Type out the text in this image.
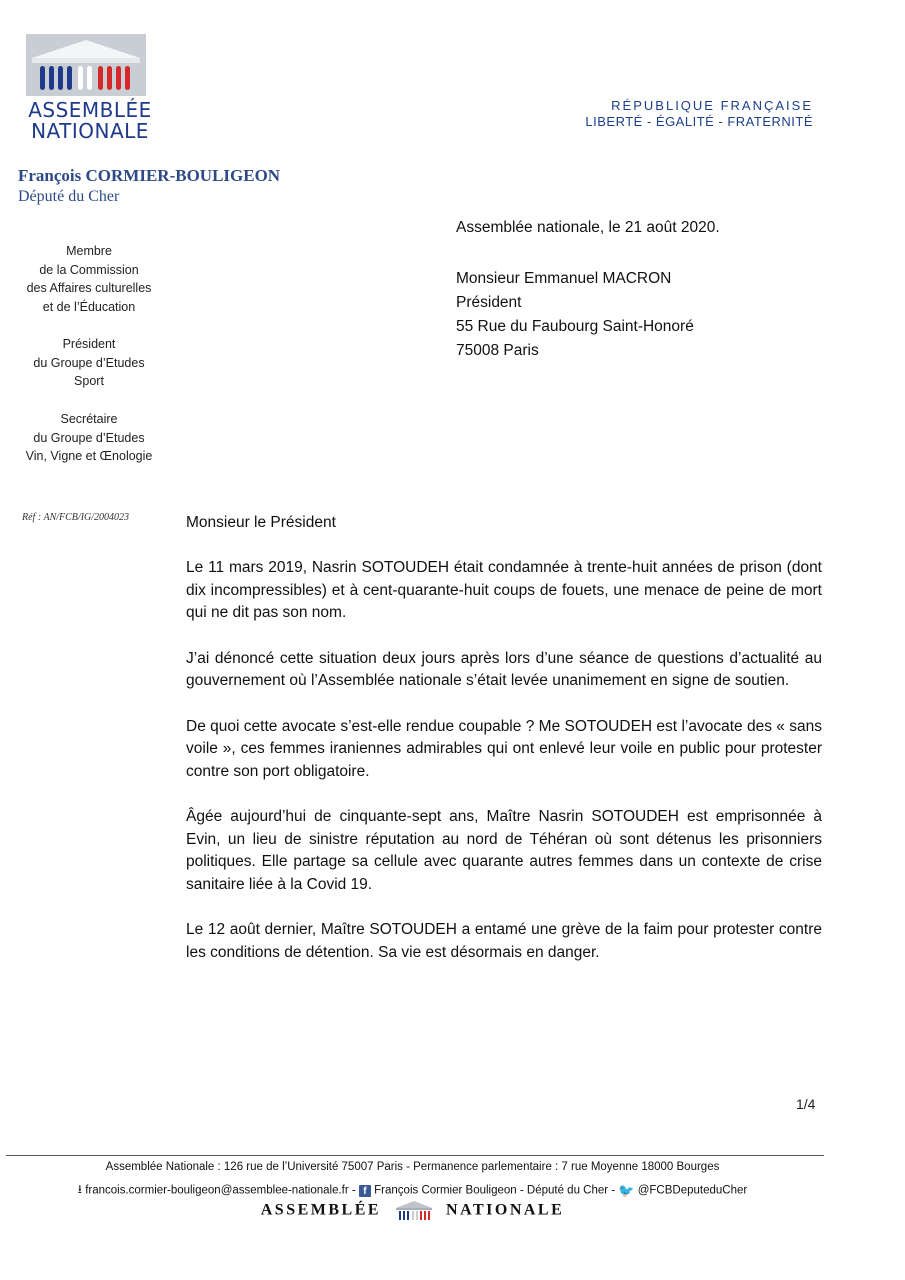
ASSEMBLÉE
NATIONALE
RÉPUBLIQUE FRANÇAISE
LIBERTÉ - ÉGALITÉ - FRATERNITÉ
François CORMIER-BOULIGEON
Député du Cher
Membre
de la Commission
des Affaires culturelles
et de l’Éducation
Président
du Groupe d’Etudes
Sport
Secrétaire
du Groupe d’Etudes
Vin, Vigne et Œnologie
Réf : AN/FCB/IG/2004023
Assemblée nationale, le 21 août 2020.
Monsieur Emmanuel MACRON
Président
55 Rue du Faubourg Saint-Honoré
75008 Paris
Monsieur le Président

Le 11 mars 2019, Nasrin SOTOUDEH était condamnée à trente-huit années de prison (dont dix incompressibles) et à cent-quarante-huit coups de fouets, une menace de peine de mort qui ne dit pas son nom.

J’ai dénoncé cette situation deux jours après lors d’une séance de questions d’actualité au gouvernement où l’Assemblée nationale s’était levée unanimement en signe de soutien.

De quoi cette avocate s’est-elle rendue coupable ? Me SOTOUDEH est l’avocate des « sans voile », ces femmes iraniennes admirables qui ont enlevé leur voile en public pour protester contre son port obligatoire.

Âgée aujourd’hui de cinquante-sept ans, Maître Nasrin SOTOUDEH est emprisonnée à Evin, un lieu de sinistre réputation au nord de Téhéran où sont détenus les prisonniers politiques. Elle partage sa cellule avec quarante autres femmes dans un contexte de crise sanitaire liée à la Covid 19.

Le 12 août dernier, Maître SOTOUDEH a entamé une grève de la faim pour protester contre les conditions de détention. Sa vie est désormais en danger.

1/4
Assemblée Nationale : 126 rue de l’Université 75007 Paris - Permanence parlementaire : 7 rue Moyenne 18000 Bourges
⭳ francois.cormier-bouligeon@assemblee-nationale.fr - f François Cormier Bouligeon - Député du Cher - 🐦 @FCBDeputeduCher
ASSEMBLÉE	NATIONALE
